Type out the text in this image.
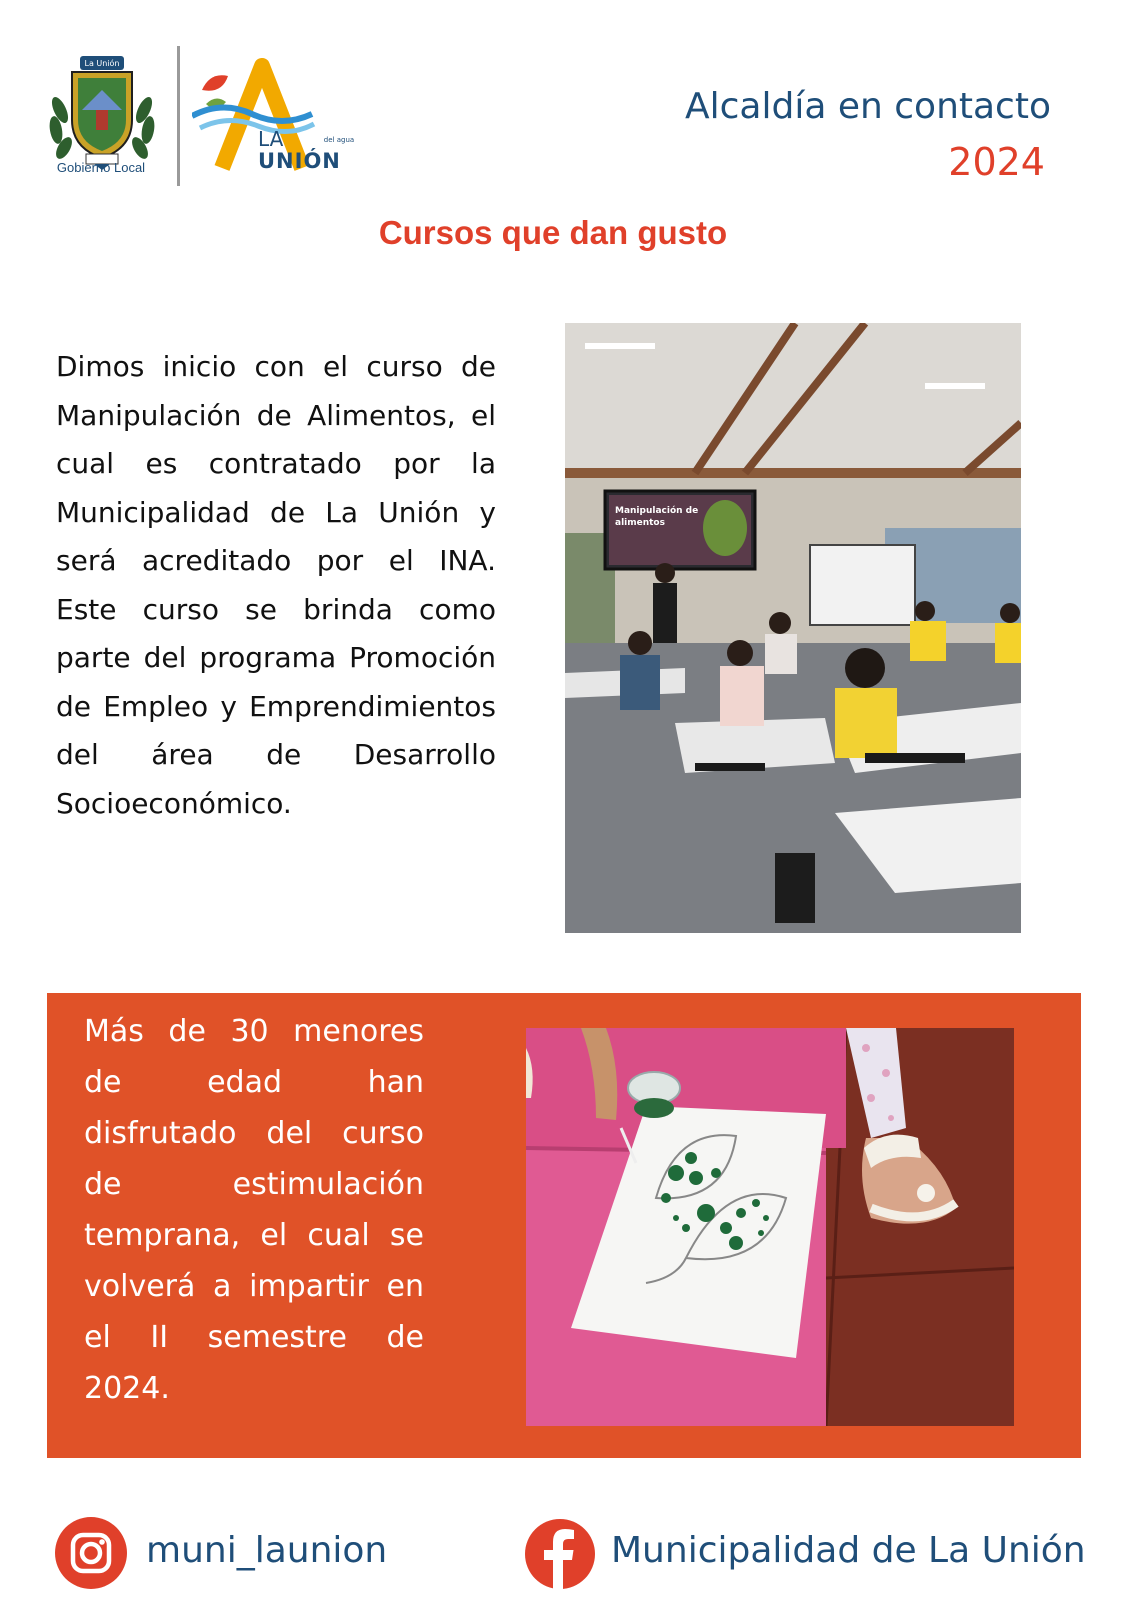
La Unión
Gobierno Local
del agua
LA
UNIÓN
Alcaldía en contacto
2024
Cursos que dan gusto
Dimos inicio con el curso de Manipulación de Alimentos, el cual es contratado por la Municipalidad de La Unión y será acreditado por el INA. Este curso se brinda como parte del programa Promoción de Empleo y Emprendimientos del área de Desarrollo Socioeconómico.
Manipulación de
alimentos
Más de 30 menores de edad han disfrutado del curso de estimulación temprana, el cual se volverá a impartir en el II semestre de 2024.
muni_launion	Municipalidad de La Unión
